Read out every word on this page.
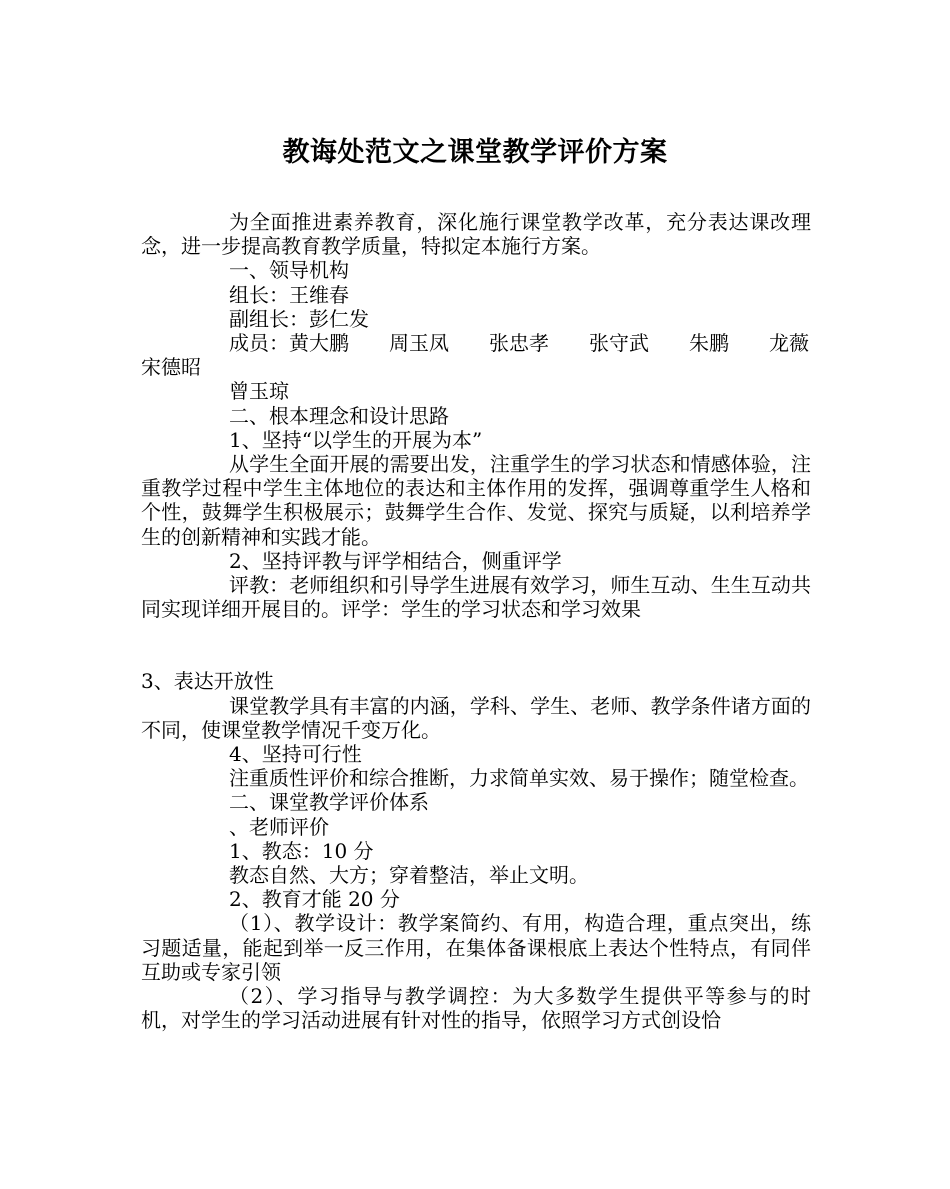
教诲处范文之课堂教学评价方案

为全面推进素养教育，深化施行课堂教学改革，充分表达课改理念，进一步提高教育教学质量，特拟定本施行方案。

一、领导机构

组长：王维春

副组长：彭仁发

成员： 黄大鹏 周玉凤 张忠孝 张守武 朱鹏 龙薇
宋德昭
曾玉琼

二、根本理念和设计思路

1、坚持“以学生的开展为本”

从学生全面开展的需要出发，注重学生的学习状态和情感体验，注重教学过程中学生主体地位的表达和主体作用的发挥，强调尊重学生人格和个性，鼓舞学生积极展示；鼓舞学生合作、发觉、探究与质疑，以利培养学生的创新精神和实践才能。

2、坚持评教与评学相结合，侧重评学

评教：老师组织和引导学生进展有效学习，师生互动、生生互动共同实现详细开展目的。评学：学生的学习状态和学习效果

3、表达开放性

课堂教学具有丰富的内涵，学科、学生、老师、教学条件诸方面的不同，使课堂教学情况千变万化。

4、坚持可行性

注重质性评价和综合推断，力求简单实效、易于操作；随堂检查。

二、课堂教学评价体系

、老师评价

1、教态：10 分

教态自然、大方；穿着整洁，举止文明。

2、教育才能 20 分

（1）、教学设计：教学案简约、有用，构造合理，重点突出，练习题适量，能起到举一反三作用，在集体备课根底上表达个性特点，有同伴互助或专家引领

（2）、学习指导与教学调控：为大多数学生提供平等参与的时机，对学生的学习活动进展有针对性的指导，依照学习方式创设恰
